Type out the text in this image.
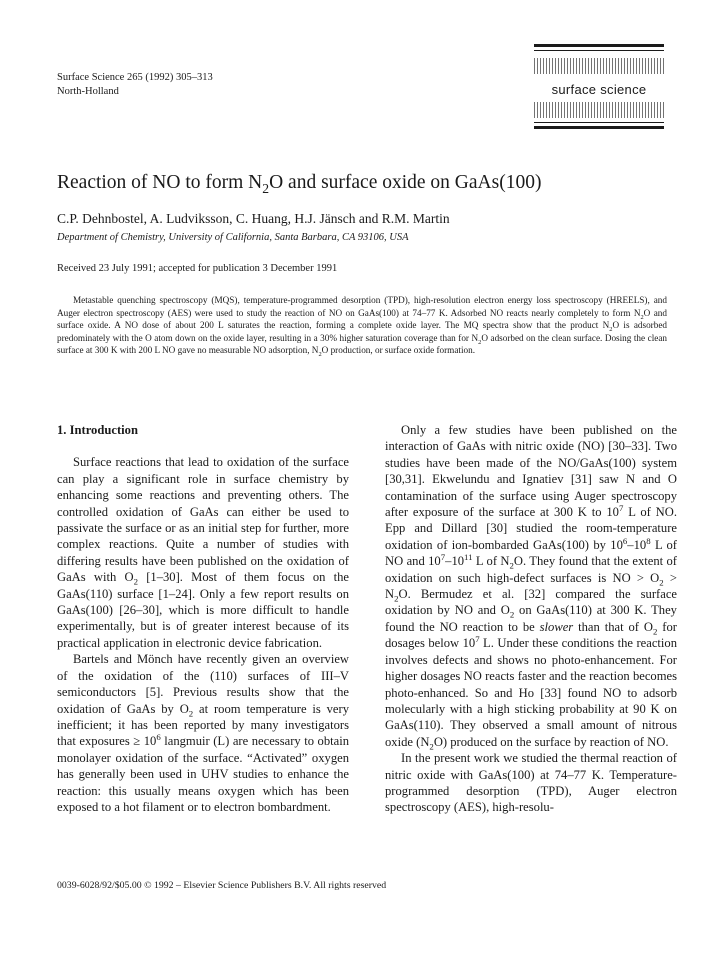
Surface Science 265 (1992) 305–313
North-Holland	surface science
Reaction of NO to form $N_2O$ and surface oxide on GaAs(100)
C.P. Dehnbostel, A. Ludviksson, C. Huang, H.J. Jänsch and R.M. Martin
Department of Chemistry, University of California, Santa Barbara, CA 93106, USA
Received 23 July 1991; accepted for publication 3 December 1991
Metastable quenching spectroscopy (MQS), temperature-programmed desorption (TPD), high-resolution electron energy loss spectroscopy (HREELS), and Auger electron spectroscopy (AES) were used to study the reaction of NO on GaAs(100) at 74–77 K. Adsorbed NO reacts nearly completely to form $N_2O$ and surface oxide. A NO dose of about 200 L saturates the reaction, forming a complete oxide layer. The MQ spectra show that the product $N_2O$ is adsorbed predominately with the O atom down on the oxide layer, resulting in a 30% higher saturation coverage than for $N_2O$ adsorbed on the clean surface. Dosing the clean surface at 300 K with 200 L NO gave no measurable NO adsorption, $N_2O$ production, or surface oxide formation.
1. Introduction

Surface reactions that lead to oxidation of the surface can play a significant role in surface chemistry by enhancing some reactions and preventing others. The controlled oxidation of GaAs can either be used to passivate the surface or as an initial step for further, more complex reactions. Quite a number of studies with differing results have been published on the oxidation of GaAs with $O_2$ [1–30]. Most of them focus on the GaAs(110) surface [1–24]. Only a few report results on GaAs(100) [26–30], which is more difficult to handle experimentally, but is of greater interest because of its practical application in electronic device fabrication.

Bartels and Mönch have recently given an overview of the oxidation of the (110) surfaces of III–V semiconductors [5]. Previous results show that the oxidation of GaAs by $O_2$ at room temperature is very inefficient; it has been reported by many investigators that exposures ≥ $10^6$ langmuir (L) are necessary to obtain monolayer oxidation of the surface. “Activated” oxygen has generally been used in UHV studies to enhance the reaction: this usually means oxygen which has been exposed to a hot filament or to electron bombardment.

Only a few studies have been published on the interaction of GaAs with nitric oxide (NO) [30–33]. Two studies have been made of the NO/GaAs(100) system [30,31]. Ekwelundu and Ignatiev [31] saw N and O contamination of the surface using Auger spectroscopy after exposure of the surface at 300 K to $10^7$ L of NO. Epp and Dillard [30] studied the room-temperature oxidation of ion-bombarded GaAs(100) by $10^6-10^8$ L of NO and $10^7-10^{11}$ L of $N_2O$. They found that the extent of oxidation on such high-defect surfaces is NO > $O_2 > N_2O$. Bermudez et al. [32] compared the surface oxidation by NO and $O_2$ on GaAs(110) at 300 K. They found the NO reaction to be slower than that of $O_2$ for dosages below $10^7$ L. Under these conditions the reaction involves defects and shows no photo-enhancement. For higher dosages NO reacts faster and the reaction becomes photo-enhanced. So and Ho [33] found NO to adsorb molecularly with a high sticking probability at 90 K on GaAs(110). They observed a small amount of nitrous oxide $(N_2O)$ produced on the surface by reaction of NO.

In the present work we studied the thermal reaction of nitric oxide with GaAs(100) at 74–77 K. Temperature-programmed desorption (TPD), Auger electron spectroscopy (AES), high-resolu-

0039-6028/92/$05.00 © 1992 – Elsevier Science Publishers B.V. All rights reserved
